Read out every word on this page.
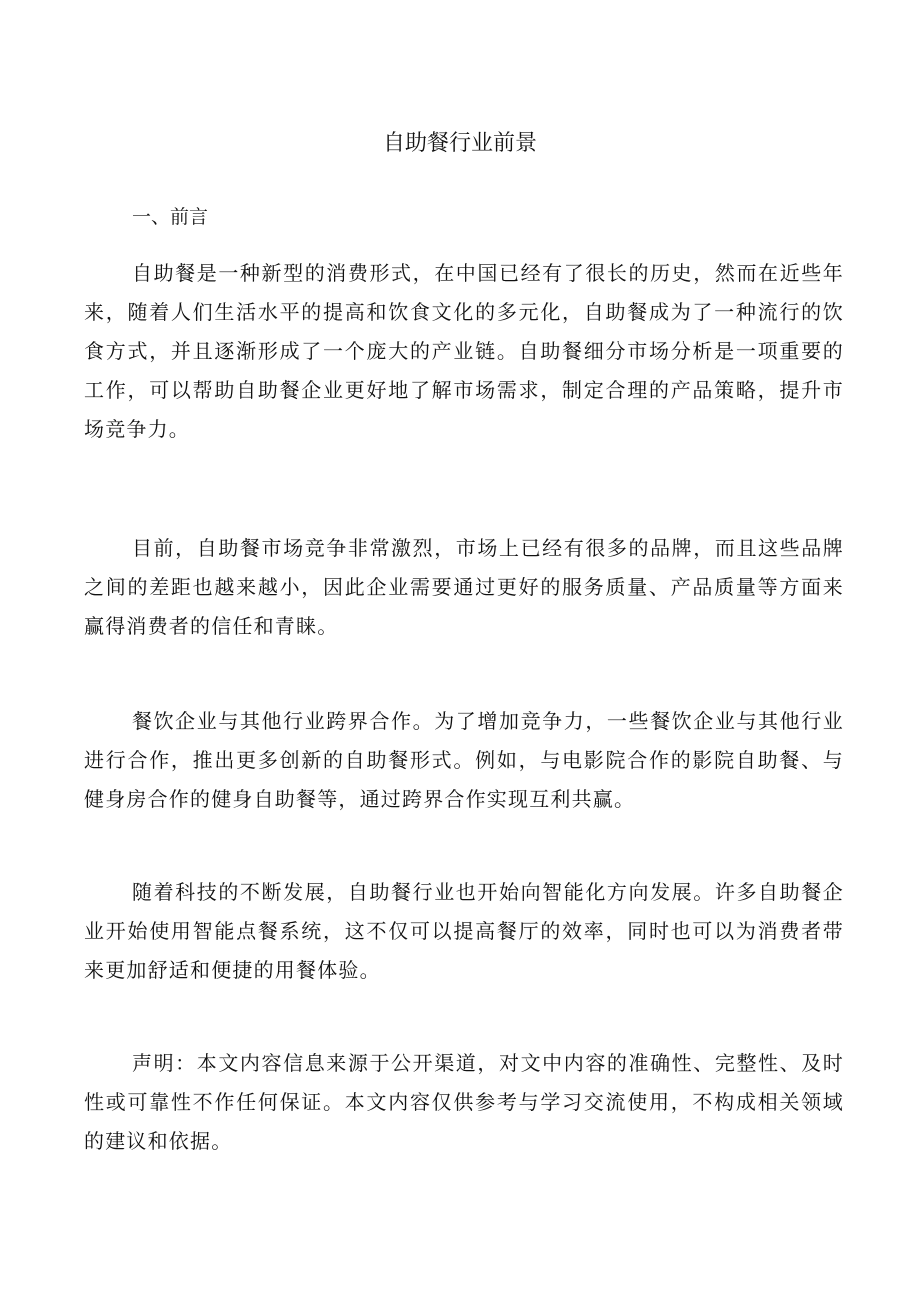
自助餐行业前景
一、前言

自助餐是一种新型的消费形式，在中国已经有了很长的历史，然而在近些年来，随着人们生活水平的提高和饮食文化的多元化，自助餐成为了一种流行的饮食方式，并且逐渐形成了一个庞大的产业链。自助餐细分市场分析是一项重要的工作，可以帮助自助餐企业更好地了解市场需求，制定合理的产品策略，提升市场竞争力。

目前，自助餐市场竞争非常激烈，市场上已经有很多的品牌，而且这些品牌之间的差距也越来越小，因此企业需要通过更好的服务质量、产品质量等方面来赢得消费者的信任和青睐。

餐饮企业与其他行业跨界合作。为了增加竞争力，一些餐饮企业与其他行业进行合作，推出更多创新的自助餐形式。例如，与电影院合作的影院自助餐、与健身房合作的健身自助餐等，通过跨界合作实现互利共赢。

随着科技的不断发展，自助餐行业也开始向智能化方向发展。许多自助餐企业开始使用智能点餐系统，这不仅可以提高餐厅的效率，同时也可以为消费者带来更加舒适和便捷的用餐体验。

声明：本文内容信息来源于公开渠道，对文中内容的准确性、完整性、及时性或可靠性不作任何保证。本文内容仅供参考与学习交流使用，不构成相关领域的建议和依据。
